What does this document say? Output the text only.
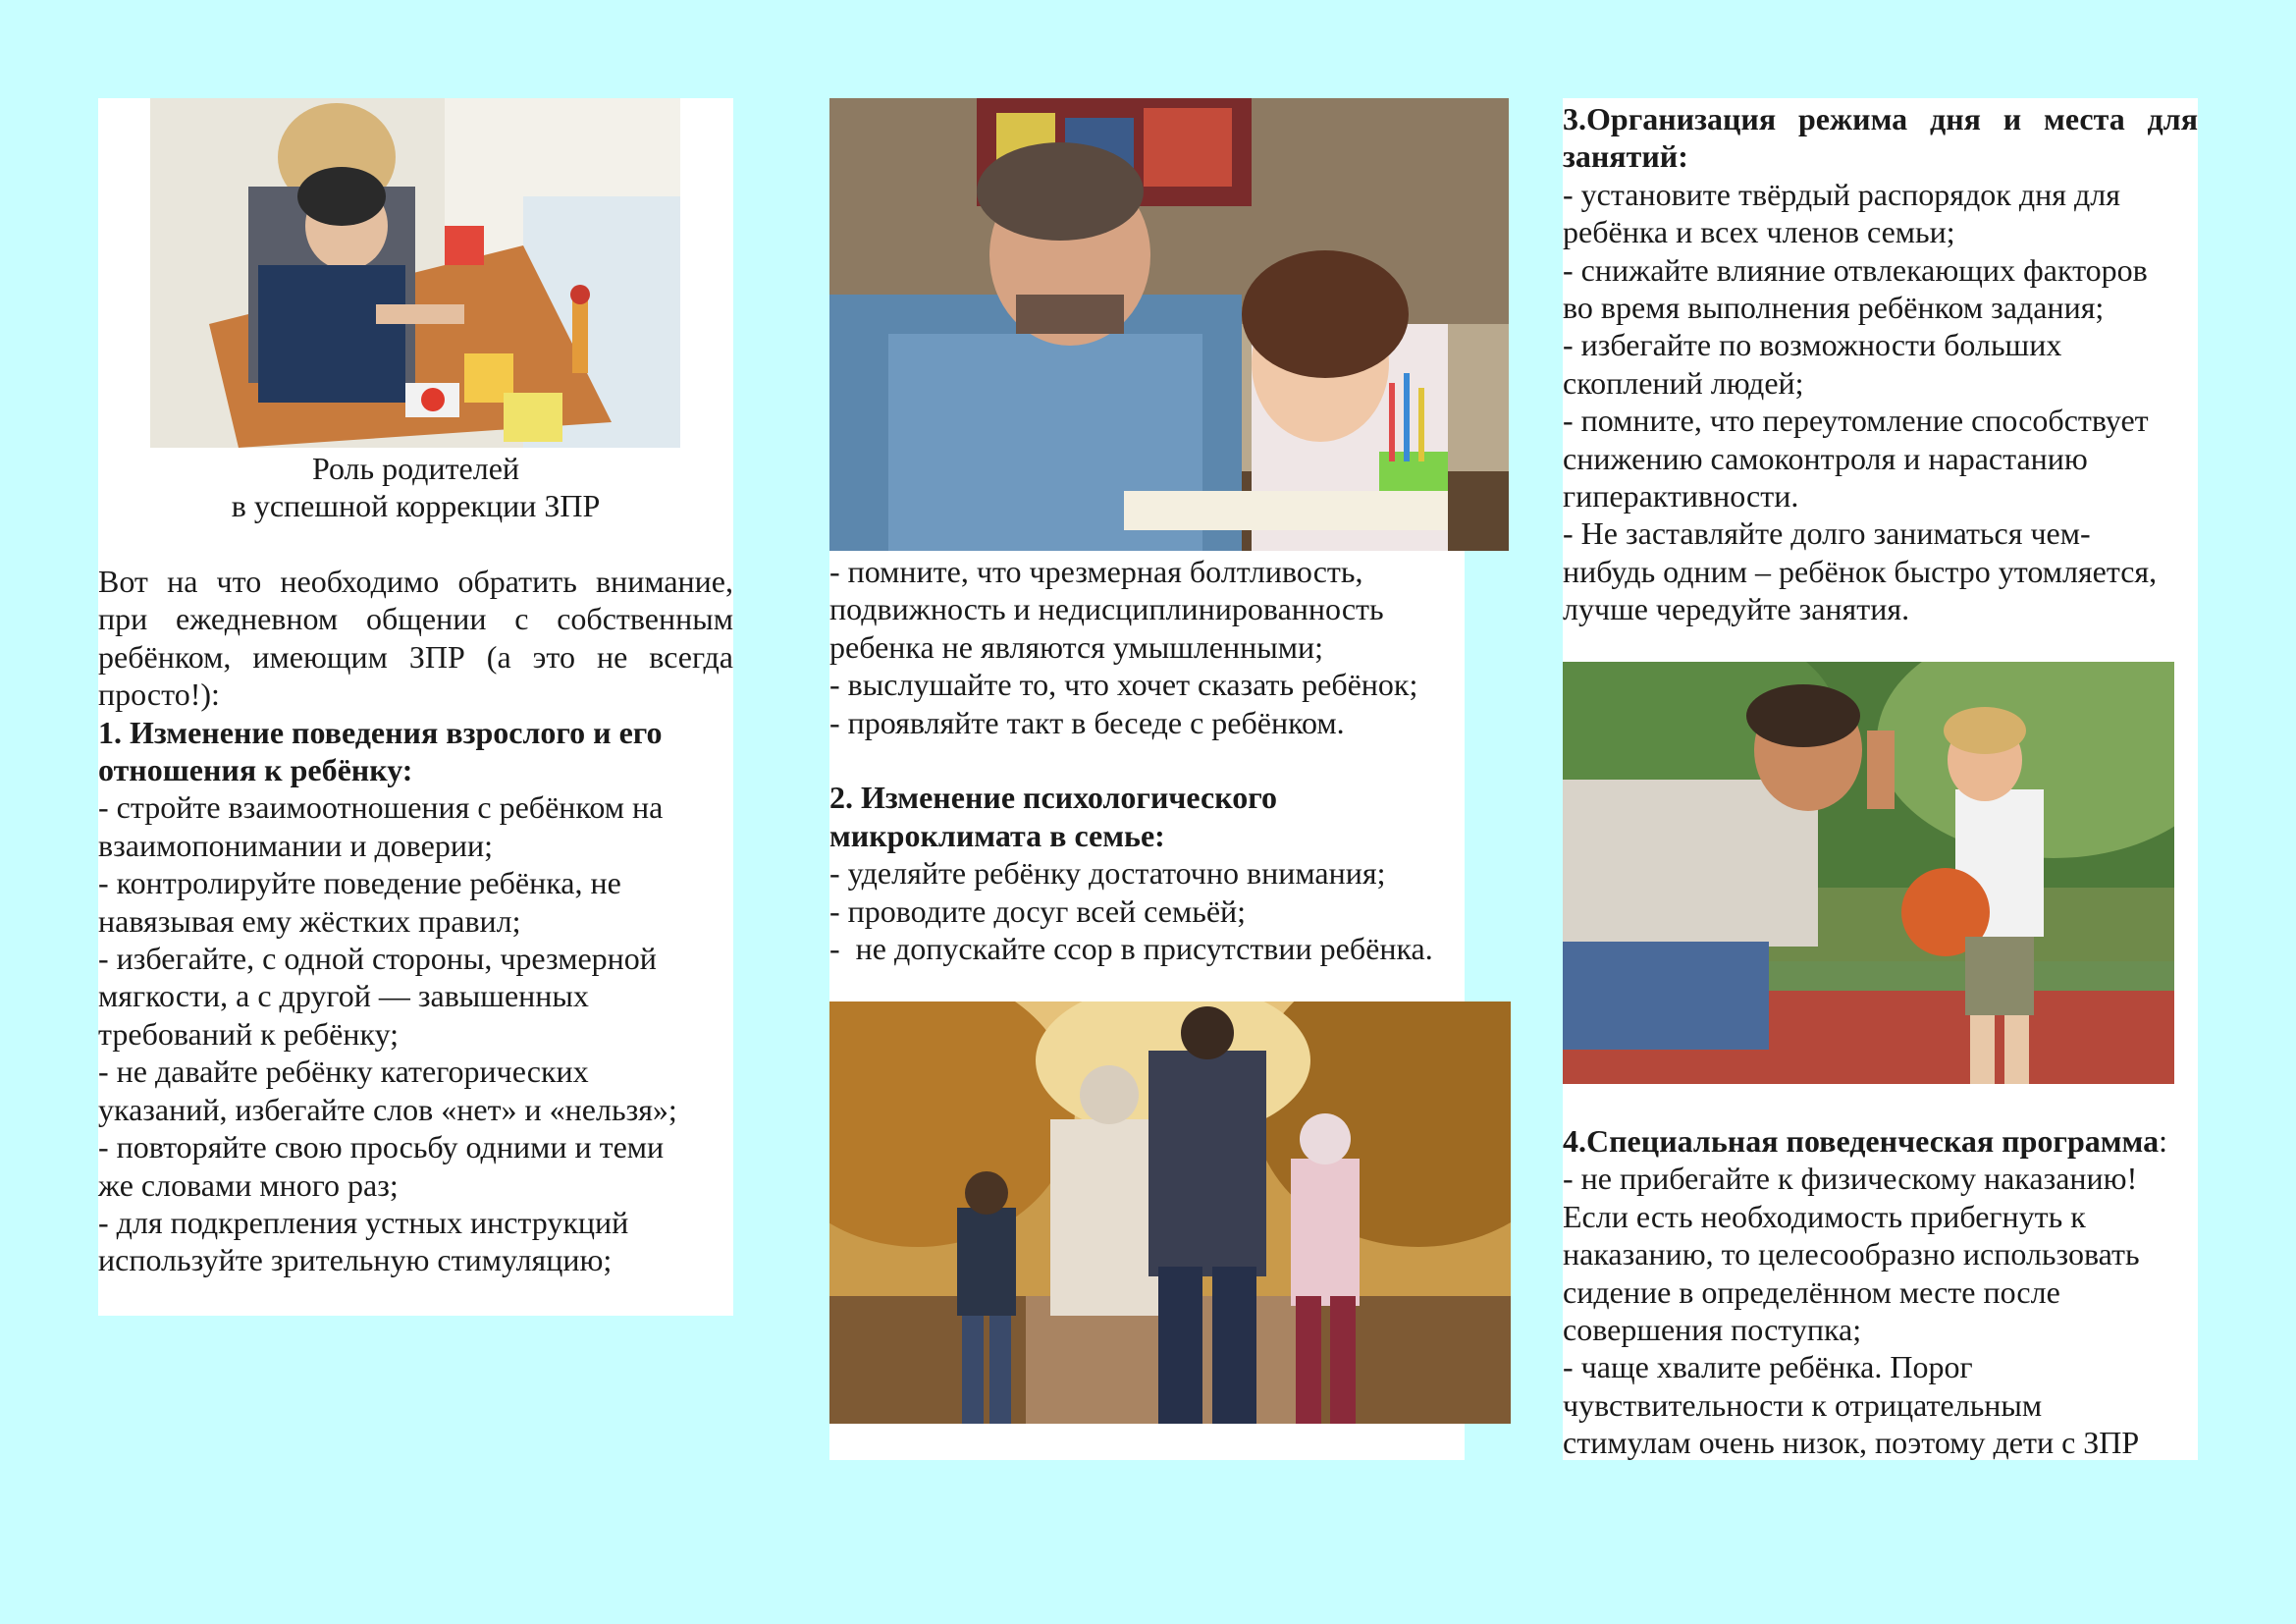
Роль родителей

в успешной коррекции ЗПР

Вот на что необходимо обратить внимание, при ежедневном общении с собственным ребёнком, имеющим ЗПР (а это не всегда просто!):

1. Изменение поведения взрослого и его отношения к ребёнку:

- стройте взаимоотношения с ребёнком на

взаимопонимании и доверии;

- контролируйте поведение ребёнка, не

навязывая ему жёстких правил;

- избегайте, с одной стороны, чрезмерной

мягкости, а с другой — завышенных

требований к ребёнку;

- не давайте ребёнку категорических

указаний, избегайте слов «нет» и «нельзя»;

- повторяйте свою просьбу одними и теми

же словами много раз;

- для подкрепления устных инструкций

используйте зрительную стимуляцию;

- помните, что чрезмерная болтливость,

подвижность и недисциплинированность

ребенка не являются умышленными;

- выслушайте то, что хочет сказать ребёнок;

- проявляйте такт в беседе с ребёнком.

2. Изменение психологического

микроклимата в семье:

- уделяйте ребёнку достаточно внимания;

- проводите досуг всей семьёй;

-  не допускайте ссор в присутствии ребёнка.

3.Организация режима дня и места для занятий:

- установите твёрдый распорядок дня для

ребёнка и всех членов семьи;

- снижайте влияние отвлекающих факторов

во время выполнения ребёнком задания;

- избегайте по возможности больших

скоплений людей;

- помните, что переутомление способствует

снижению самоконтроля и нарастанию

гиперактивности.

- Не заставляйте долго заниматься чем-

нибудь одним – ребёнок быстро утомляется,

лучше чередуйте занятия.

4.Специальная поведенческая программа:

- не прибегайте к физическому наказанию!

Если есть необходимость прибегнуть к

наказанию, то целесообразно использовать

сидение в определённом месте после

совершения поступка;

- чаще хвалите ребёнка. Порог

чувствительности к отрицательным

стимулам очень низок, поэтому дети с ЗПР
